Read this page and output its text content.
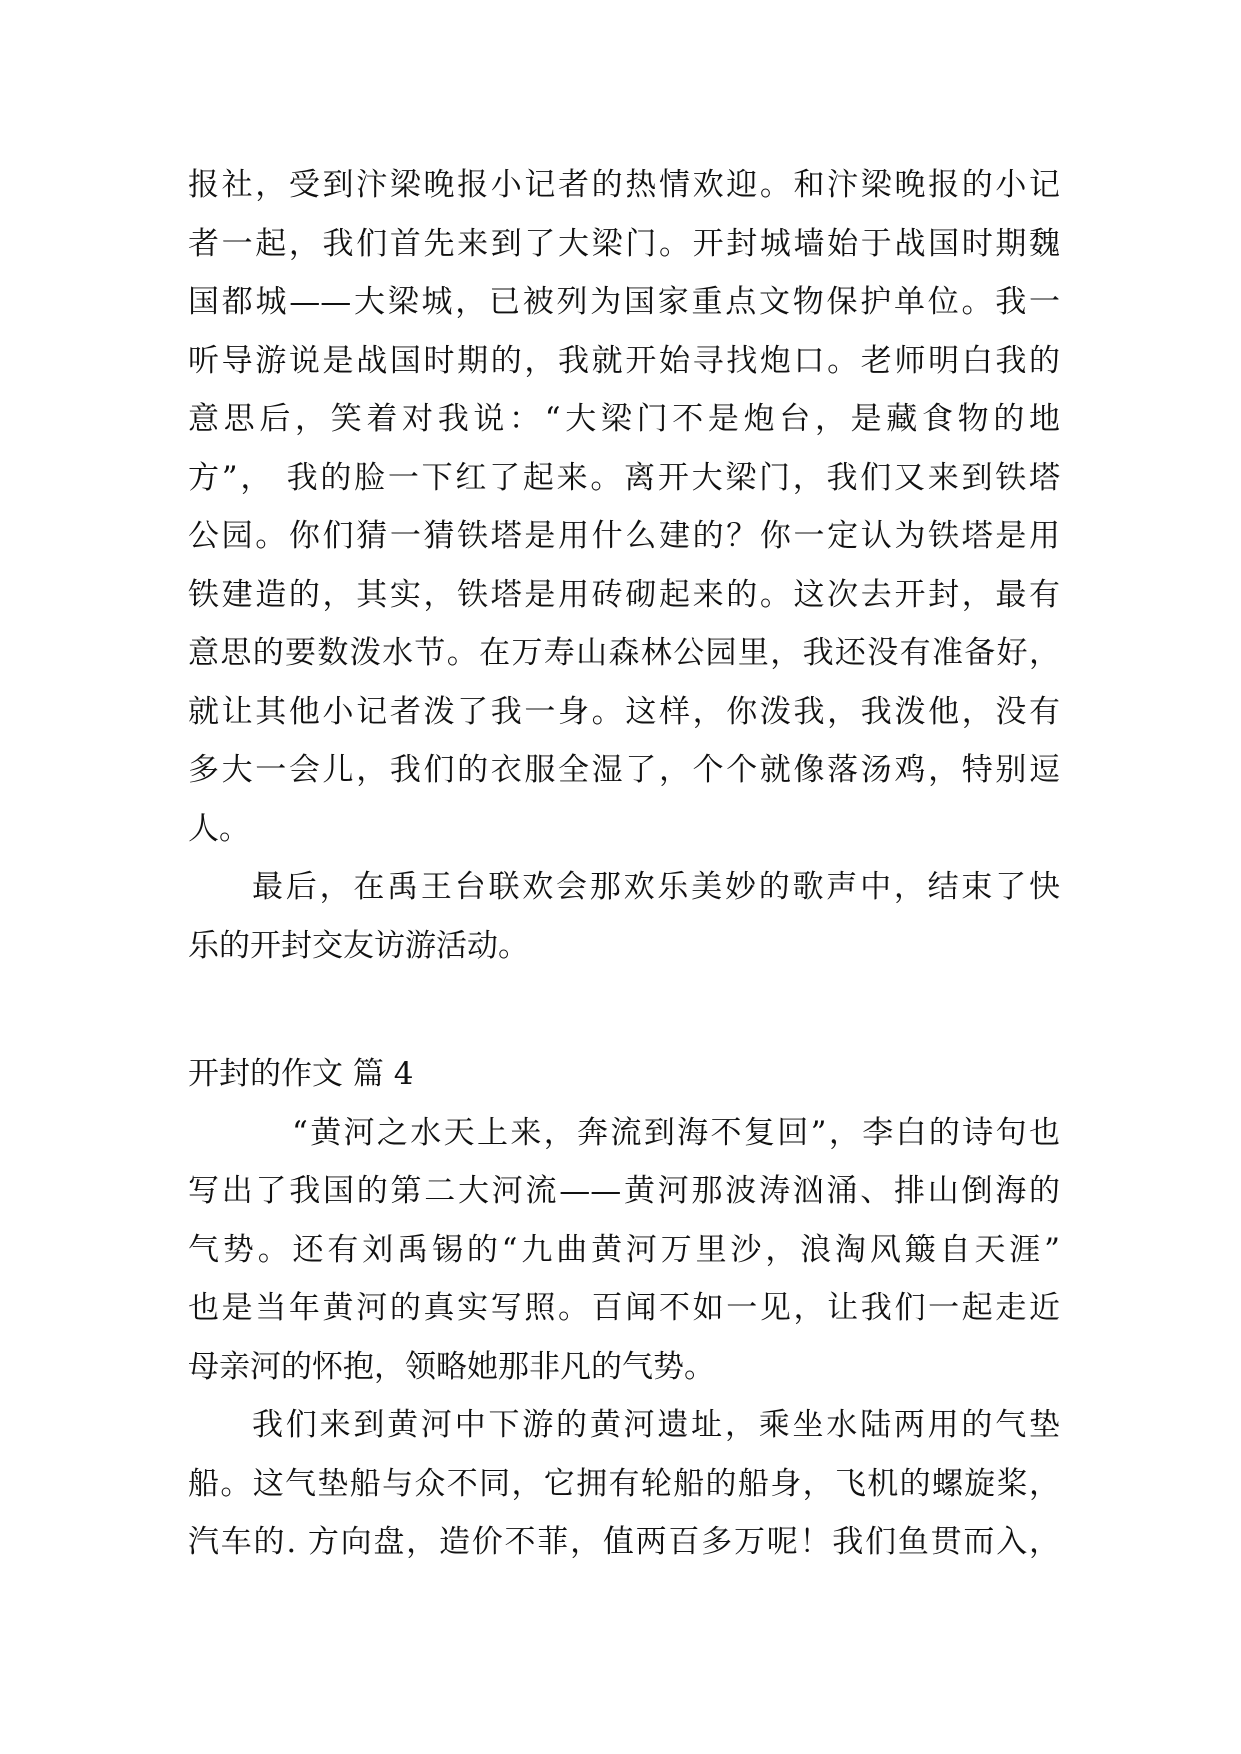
报社，受到汴梁晚报小记者的热情欢迎。和汴梁晚报的小记
者一起，我们首先来到了大梁门。开封城墙始于战国时期魏
国都城——大梁城，已被列为国家重点文物保护单位。我一
听导游说是战国时期的，我就开始寻找炮口。老师明白我的
意思后，笑着对我说：“大梁门不是炮台，是藏食物的地
方”， 我的脸一下红了起来。离开大梁门，我们又来到铁塔
公园。你们猜一猜铁塔是用什么建的？你一定认为铁塔是用
铁建造的，其实，铁塔是用砖砌起来的。这次去开封，最有
意思的要数泼水节。在万寿山森林公园里，我还没有准备好，
就让其他小记者泼了我一身。这样，你泼我，我泼他，没有
多大一会儿，我们的衣服全湿了，个个就像落汤鸡，特别逗
人。
最后，在禹王台联欢会那欢乐美妙的歌声中，结束了快
乐的开封交友访游活动。
开封的作文 篇 4
“黄河之水天上来，奔流到海不复回”，李白的诗句也
写出了我国的第二大河流——黄河那波涛汹涌、排山倒海的
气势。还有刘禹锡的“九曲黄河万里沙，浪淘风簸自天涯”
也是当年黄河的真实写照。百闻不如一见，让我们一起走近
母亲河的怀抱，领略她那非凡的气势。
我们来到黄河中下游的黄河遗址，乘坐水陆两用的气垫
船。这气垫船与众不同，它拥有轮船的船身，飞机的螺旋桨，
汽车的. 方向盘，造价不菲，值两百多万呢！我们鱼贯而入，
